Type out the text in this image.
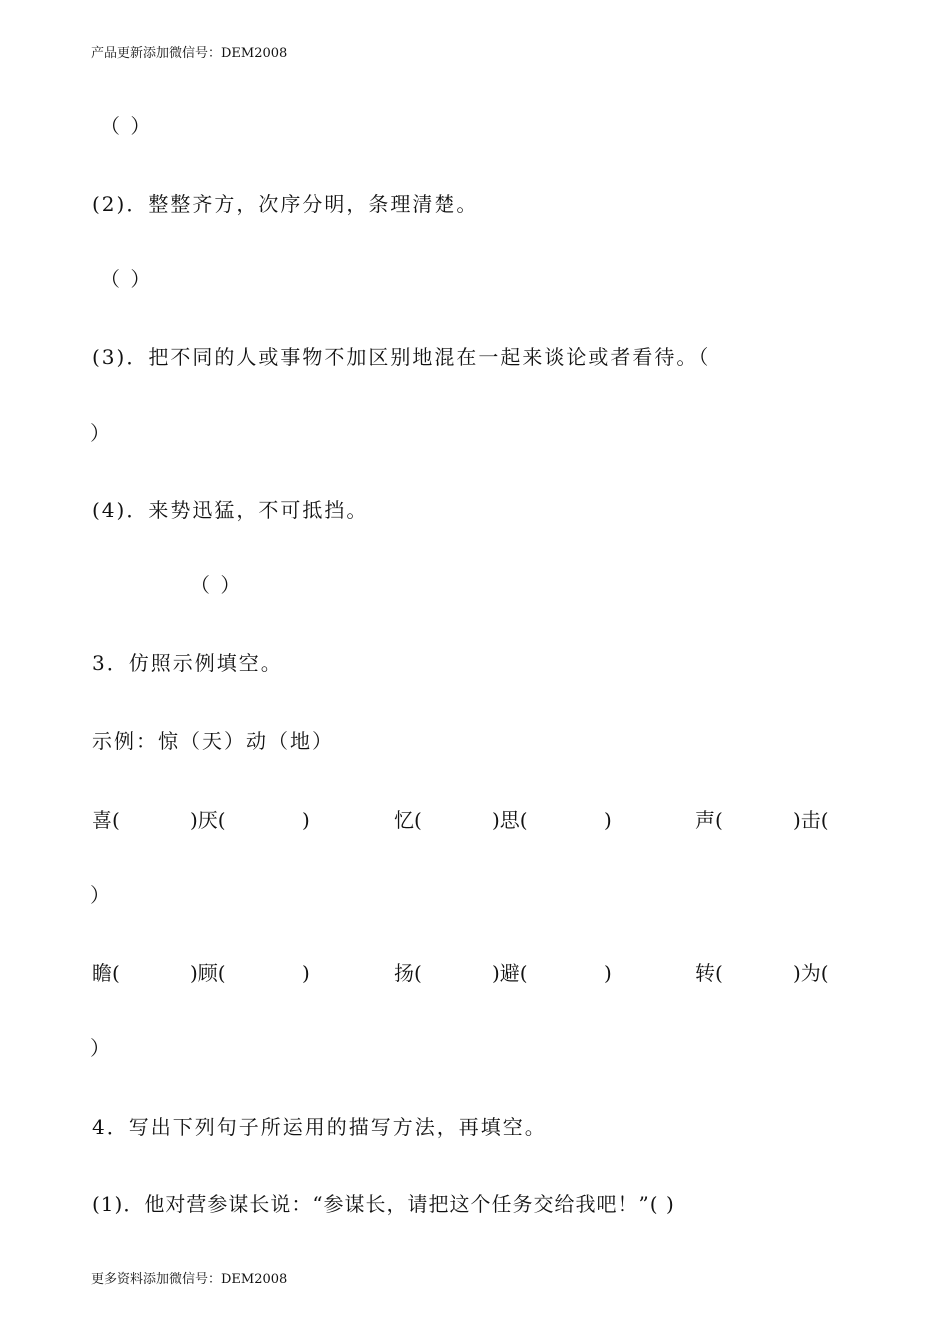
产品更新添加微信号：DEM2008
（ ）
(2)．整整齐方，次序分明，条理清楚。
（ ）
(3)．把不同的人或事物不加区别地混在一起来谈论或者看待。（
）
(4)．来势迅猛，不可抵挡。
（ ）
3．仿照示例填空。
示例：惊（天）动（地）
喜(	)厌(	)	忆(	)思(	)	声(	)击(
）
瞻(	)顾(	)	扬(	)避(	)	转(	)为(
）
4．写出下列句子所运用的描写方法，再填空。
(1)．他对营参谋长说：“参谋长，请把这个任务交给我吧！”( )
更多资料添加微信号：DEM2008
